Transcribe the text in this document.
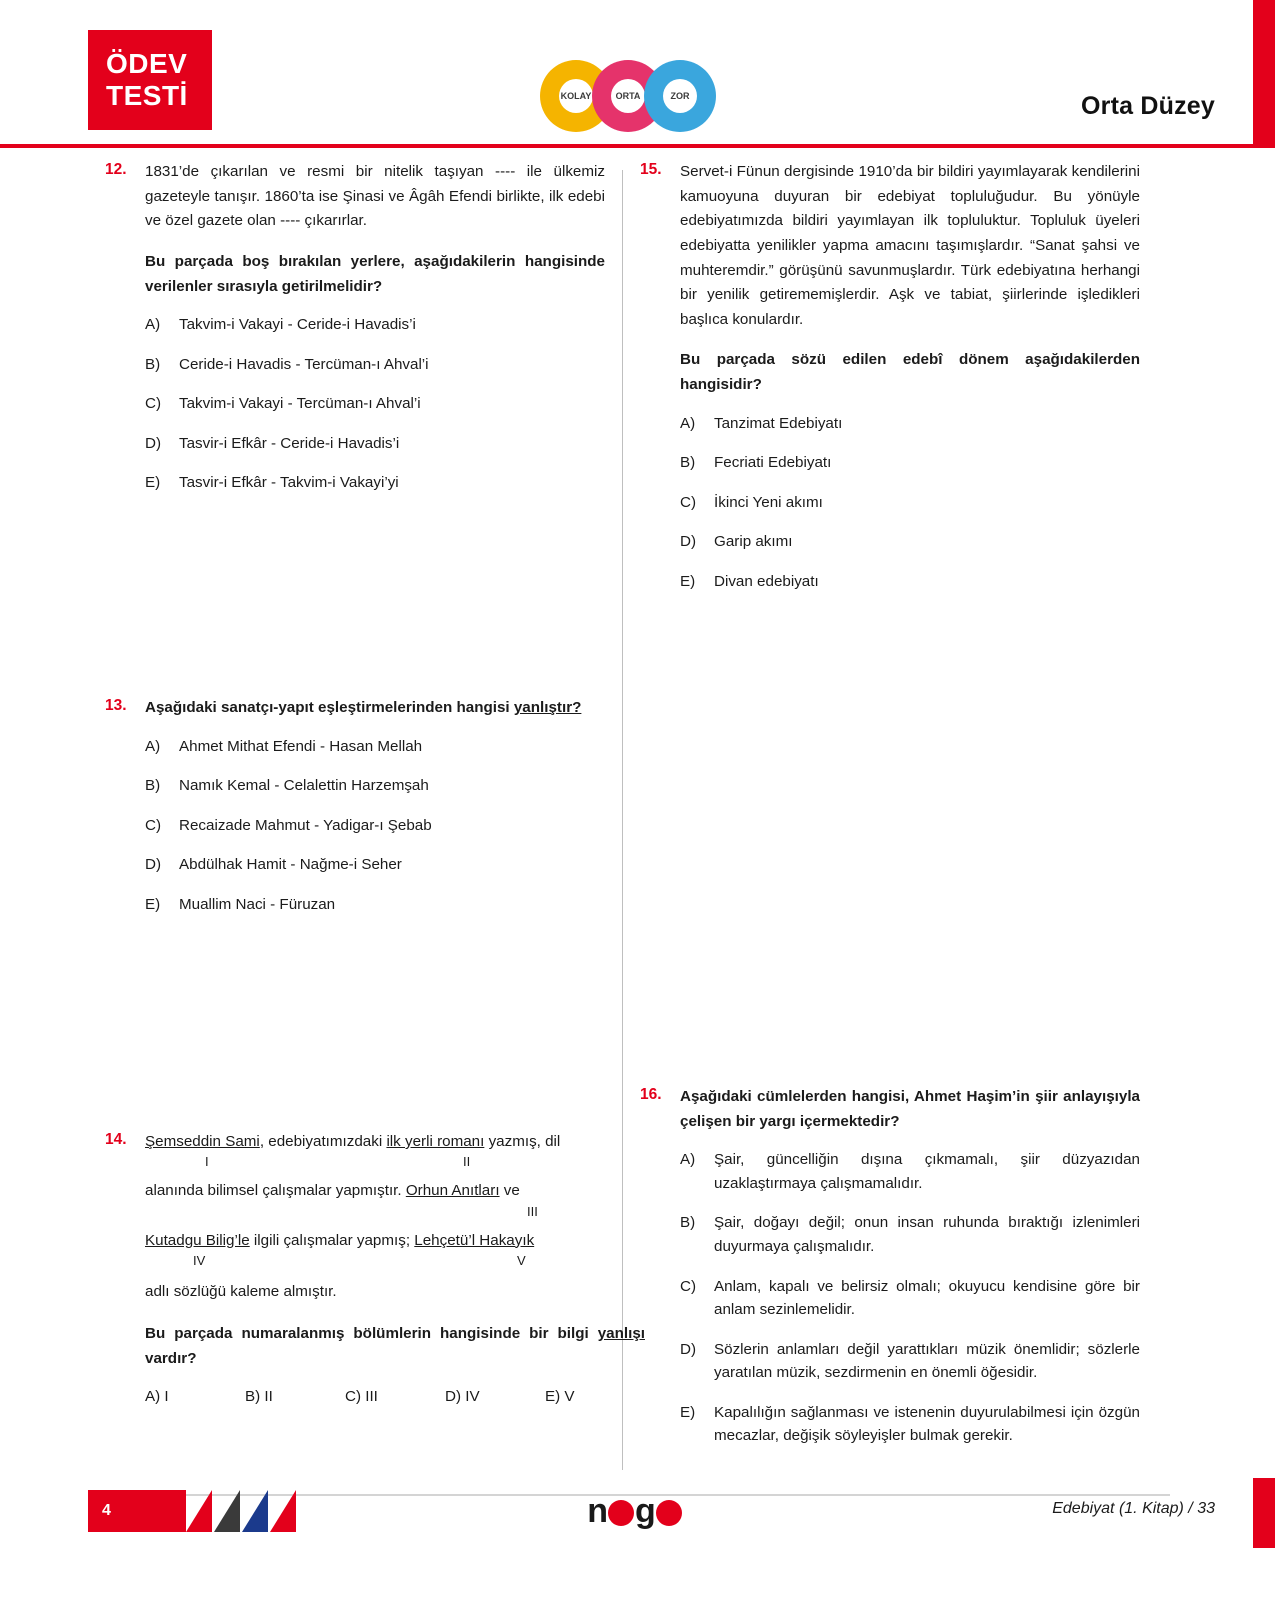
ÖDEV
TESTİ	KOLAY	ORTA	ZOR	Orta Düzey
12.	1831’de çıkarılan ve resmi bir nitelik taşıyan ---- ile ülkemiz gazeteyle tanışır. 1860’ta ise Şinasi ve Âgâh Efendi birlikte, ilk edebi ve özel gazete olan ---- çıkarırlar.
Bu parçada boş bırakılan yerlere, aşağıdakilerin hangisinde verilenler sırasıyla getirilmelidir?
A)	Takvim-i Vakayi - Ceride-i Havadis’i
B)	Ceride-i Havadis - Tercüman-ı Ahval’i
C)	Takvim-i Vakayi - Tercüman-ı Ahval’i
D)	Tasvir-i Efkâr - Ceride-i Havadis’i
E)	Tasvir-i Efkâr - Takvim-i Vakayi’yi
13.	Aşağıdaki sanatçı-yapıt eşleştirmelerinden hangisi yanlıştır?
A)	Ahmet Mithat Efendi - Hasan Mellah
B)	Namık Kemal - Celalettin Harzemşah
C)	Recaizade Mahmut - Yadigar-ı Şebab
D)	Abdülhak Hamit - Nağme-i Seher
E)	Muallim Naci - Füruzan
14.	Şemseddin Sami, edebiyatımızdaki ilk yerli romanı yazmış, dil
I	II
alanında bilimsel çalışmalar yapmıştır. Orhun Anıtları ve
III
Kutadgu Bilig’le ilgili çalışmalar yapmış; Lehçetü’l Hakayık
IV	V
adlı sözlüğü kaleme almıştır.
Bu parçada numaralanmış bölümlerin hangisinde bir bilgi yanlışı vardır?
A) I	B) II	C) III	D) IV	E) V
15.	Servet-i Fünun dergisinde 1910’da bir bildiri yayımlayarak kendilerini kamuoyuna duyuran bir edebiyat topluluğudur. Bu yönüyle edebiyatımızda bildiri yayımlayan ilk topluluktur. Topluluk üyeleri edebiyatta yenilikler yapma amacını taşımışlardır. “Sanat şahsi ve muhteremdir.” görüşünü savunmuşlardır. Türk edebiyatına herhangi bir yenilik getirememişlerdir. Aşk ve tabiat, şiirlerinde işledikleri başlıca konulardır.
Bu parçada sözü edilen edebî dönem aşağıdakilerden hangisidir?
A)	Tanzimat Edebiyatı
B)	Fecriati Edebiyatı
C)	İkinci Yeni akımı
D)	Garip akımı
E)	Divan edebiyatı
16.	Aşağıdaki cümlelerden hangisi, Ahmet Haşim’in şiir anlayışıyla çelişen bir yargı içermektedir?
A)	Şair, güncelliğin dışına çıkmamalı, şiir düzyazıdan uzaklaştırmaya çalışmamalıdır.
B)	Şair, doğayı değil; onun insan ruhunda bıraktığı izlenimleri duyurmaya çalışmalıdır.
C)	Anlam, kapalı ve belirsiz olmalı; okuyucu kendisine göre bir anlam sezinlemelidir.
D)	Sözlerin anlamları değil yarattıkları müzik önemlidir; sözlerle yaratılan müzik, sezdirmenin en önemli öğesidir.
E)	Kapalılığın sağlanması ve istenenin duyurulabilmesi için özgün mecazlar, değişik söyleyişler bulmak gerekir.
4	n g	Edebiyat (1. Kitap) / 33
